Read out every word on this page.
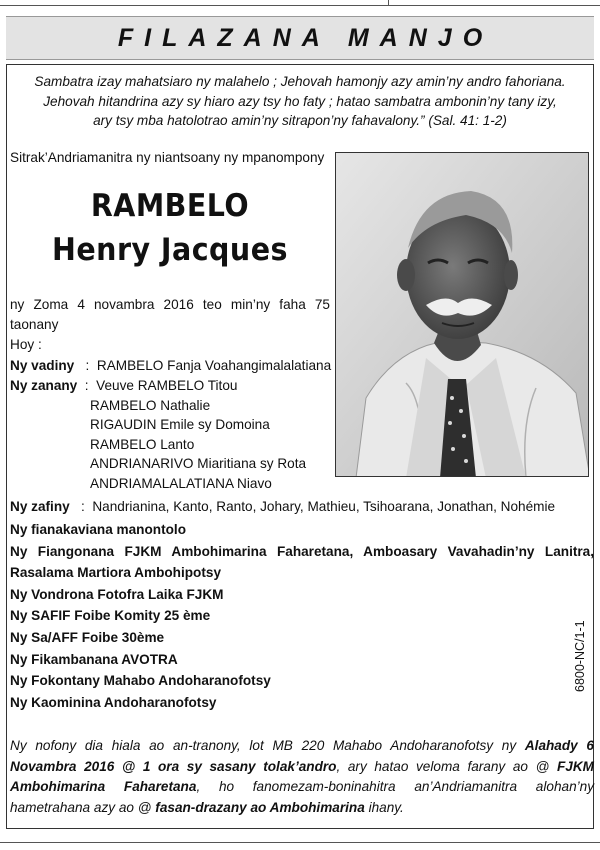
FILAZANA MANJO
Sambatra izay mahatsiaro ny malahelo ; Jehovah hamonjy azy amin’ny andro fahoriana.
Jehovah hitandrina azy sy hiaro azy tsy ho faty ; hatao sambatra ambonin’ny tany izy,
ary tsy mba hatolotrao amin’ny sitrapon’ny fahavalony.” (Sal. 41: 1-2)
Sitrak’Andriamanitra ny niantsoany ny mpanompony
RAMBELO
Henry Jacques
ny Zoma 4 novambra 2016 teo min’ny faha 75 taonany
Hoy :
Ny vadiny   :  RAMBELO Fanja Voahangimalalatiana
Ny zanany  :  Veuve RAMBELO Titou
RAMBELO Nathalie
RIGAUDIN Emile sy Domoina
RAMBELO Lanto
ANDRIANARIVO Miaritiana sy Rota
ANDRIAMALALATIANA Niavo
Ny zafiny   :  Nandrianina, Kanto, Ranto, Johary, Mathieu, Tsihoarana, Jonathan, Nohémie
Ny fianakaviana manontolo
Ny Fiangonana FJKM Ambohimarina Faharetana, Amboasary Vavahadin’ny Lanitra, Rasalama Martiora Ambohipotsy
Ny Vondrona Fotofra Laika FJKM
Ny SAFIF Foibe Komity 25 ème
Ny Sa/AFF Foibe 30ème
Ny Fikambanana AVOTRA
Ny Fokontany Mahabo Andoharanofotsy
Ny Kaominina Andoharanofotsy
6800-NC/1-1
Ny nofony dia hiala ao an-tranony, lot MB 220 Mahabo Andoharanofotsy ny Alahady 6 Novambra 2016 @ 1 ora sy sasany tolak’andro, ary hatao veloma farany ao @ FJKM Ambohimarina Faharetana, ho fanomezam-boninahitra an’Andriamanitra alohan’ny hametrahana azy ao @ fasan-drazany ao Ambohimarina ihany.
